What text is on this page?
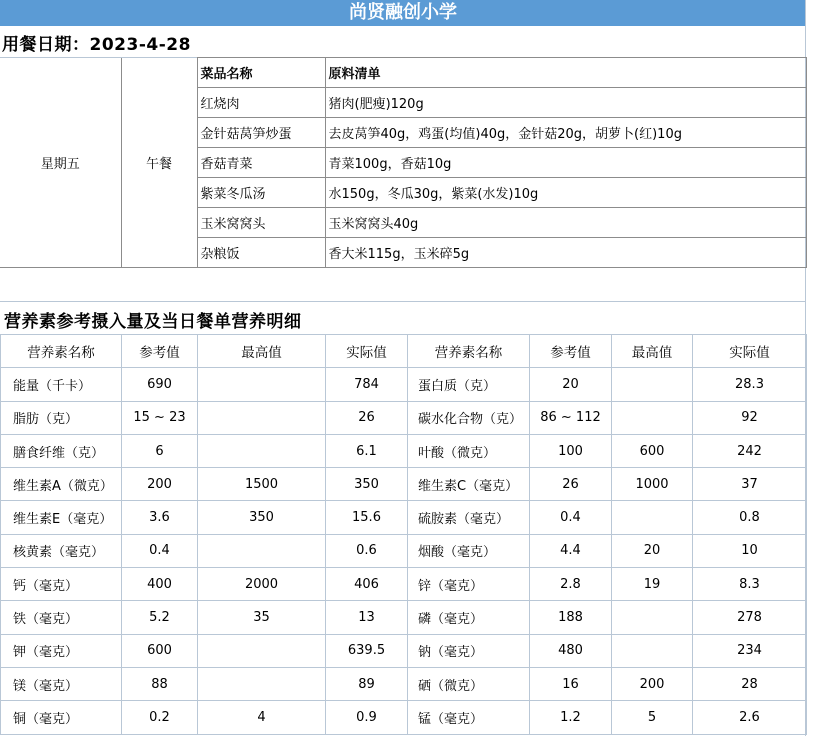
尚贤融创小学
用餐日期：2023-4-28
星期五	午餐	菜品名称	原料清单
		红烧肉	猪肉(肥瘦)120g
		金针菇莴笋炒蛋	去皮莴笋40g，鸡蛋(均值)40g，金针菇20g，胡萝卜(红)10g
		香菇青菜	青菜100g，香菇10g
		紫菜冬瓜汤	水150g，冬瓜30g，紫菜(水发)10g
		玉米窝窝头	玉米窝窝头40g
		杂粮饭	香大米115g，玉米碎5g
营养素参考摄入量及当日餐单营养明细
营养素名称	参考值	最高值	实际值	营养素名称	参考值	最高值	实际值
能量（千卡）	690		784	蛋白质（克）	20		28.3
脂肪（克）	15 ~ 23		26	碳水化合物（克）	86 ~ 112		92
膳食纤维（克）	6		6.1	叶酸（微克）	100	600	242
维生素A（微克）	200	1500	350	维生素C（毫克）	26	1000	37
维生素E（毫克）	3.6	350	15.6	硫胺素（毫克）	0.4		0.8
核黄素（毫克）	0.4		0.6	烟酸（毫克）	4.4	20	10
钙（毫克）	400	2000	406	锌（毫克）	2.8	19	8.3
铁（毫克）	5.2	35	13	磷（毫克）	188		278
钾（毫克）	600		639.5	钠（毫克）	480		234
镁（毫克）	88		89	硒（微克）	16	200	28
铜（毫克）	0.2	4	0.9	锰（毫克）	1.2	5	2.6
